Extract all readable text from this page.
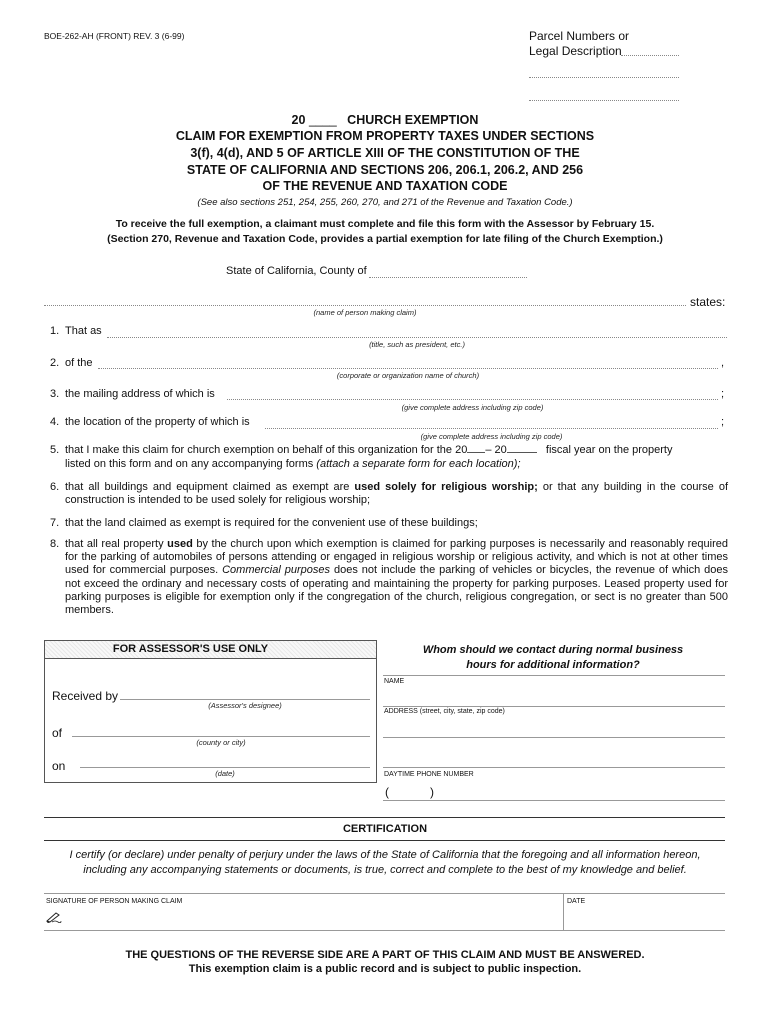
BOE-262-AH (FRONT) REV. 3 (6-99)	Parcel Numbers or
Legal Description
20 ____ CHURCH EXEMPTION
CLAIM FOR EXEMPTION FROM PROPERTY TAXES UNDER SECTIONS
3(f), 4(d), AND 5 OF ARTICLE XIII OF THE CONSTITUTION OF THE
STATE OF CALIFORNIA AND SECTIONS 206, 206.1, 206.2, AND 256
OF THE REVENUE AND TAXATION CODE
(See also sections 251, 254, 255, 260, 270, and 271 of the Revenue and Taxation Code.)
To receive the full exemption, a claimant must complete and file this form with the Assessor by February 15.
(Section 270, Revenue and Taxation Code, provides a partial exemption for late filing of the Church Exemption.)
State of California, County of
states:
(name of person making claim)
1. That as
(title, such as president, etc.)
2. of the	,
(corporate or organization name of church)
3. the mailing address of which is	;
(give complete address including zip code)
4. the location of the property of which is	;
(give complete address including zip code)
5. that I make this claim for church exemption on behalf of this organization for the 20 – 20	fiscal year on the property
listed on this form and on any accompanying forms (attach a separate form for each location);
6. that all buildings and equipment claimed as exempt are used solely for religious worship; or that any building in the course of construction is intended to be used solely for religious worship;
7. that the land claimed as exempt is required for the convenient use of these buildings;
8. that all real property used by the church upon which exemption is claimed for parking purposes is necessarily and reasonably required for the parking of automobiles of persons attending or engaged in religious worship or religious activity, and which is not at other times used for commercial purposes. Commercial purposes does not include the parking of vehicles or bicycles, the revenue of which does not exceed the ordinary and necessary costs of operating and maintaining the property for parking purposes. Leased property used for parking purposes is eligible for exemption only if the congregation of the church, religious congregation, or sect is no greater than 500 members.
FOR ASSESSOR'S USE ONLY
Received by
(Assessor's designee)
of
(county or city)
on
(date)
Whom should we contact during normal business
hours for additional information?
NAME
ADDRESS (street, city, state, zip code)
DAYTIME PHONE NUMBER
(	)
CERTIFICATION
I certify (or declare) under penalty of perjury under the laws of the State of California that the foregoing and all information hereon,
including any accompanying statements or documents, is true, correct and complete to the best of my knowledge and belief.
SIGNATURE OF PERSON MAKING CLAIM	DATE
THE QUESTIONS OF THE REVERSE SIDE ARE A PART OF THIS CLAIM AND MUST BE ANSWERED.
This exemption claim is a public record and is subject to public inspection.
